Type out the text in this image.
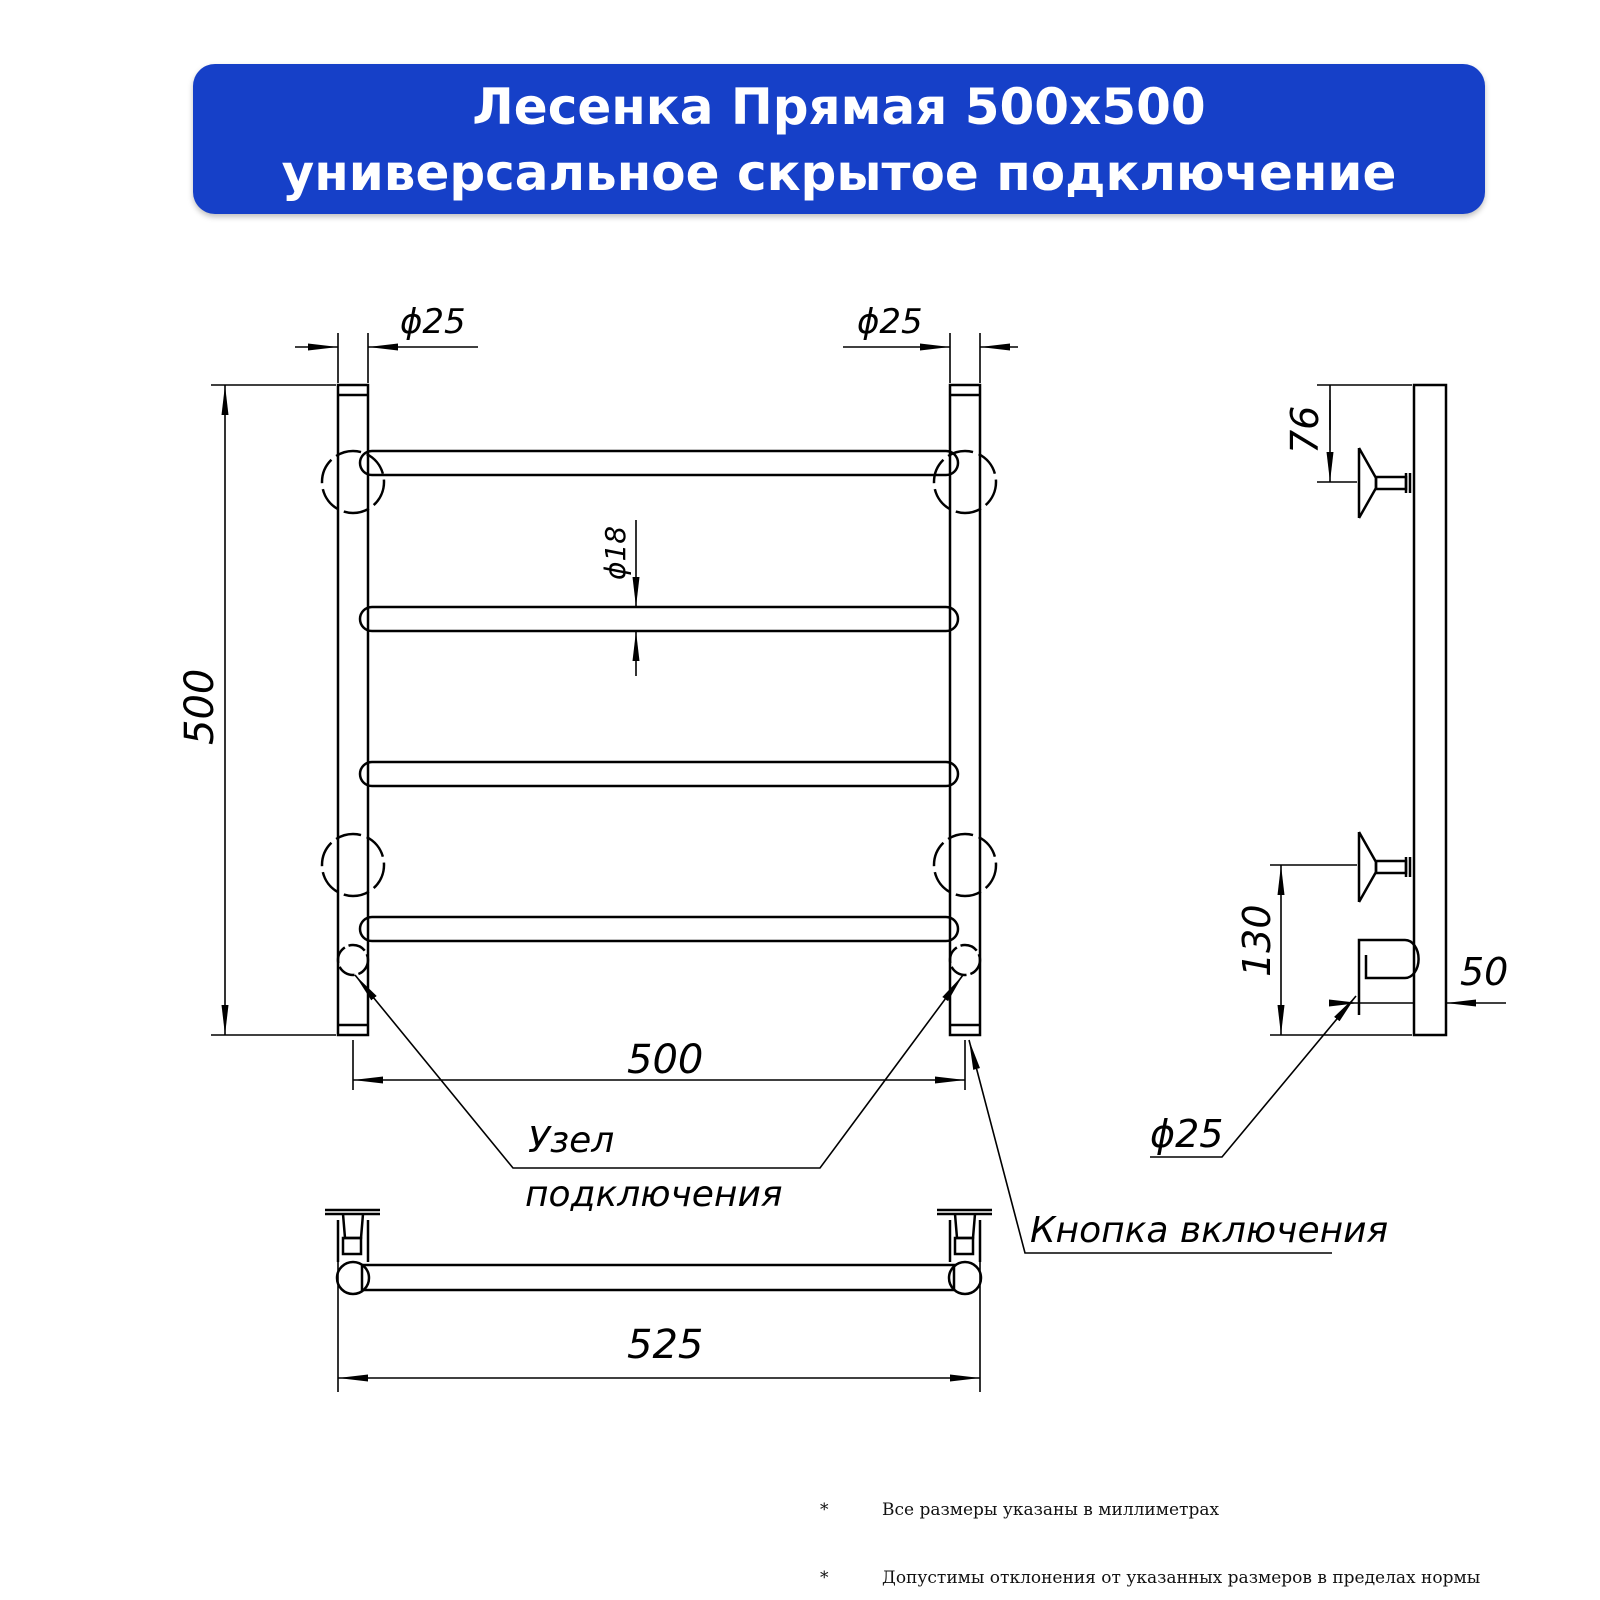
Лесенка Прямая 500х500
универсальное скрытое подключение
ϕ25	ϕ25
ϕ18
500
500
525
76
130	50
ϕ25
Узел
подключения
Кнопка включения
*	Все размеры указаны в миллиметрах
*	Допустимы отклонения от указанных размеров в пределах нормы
